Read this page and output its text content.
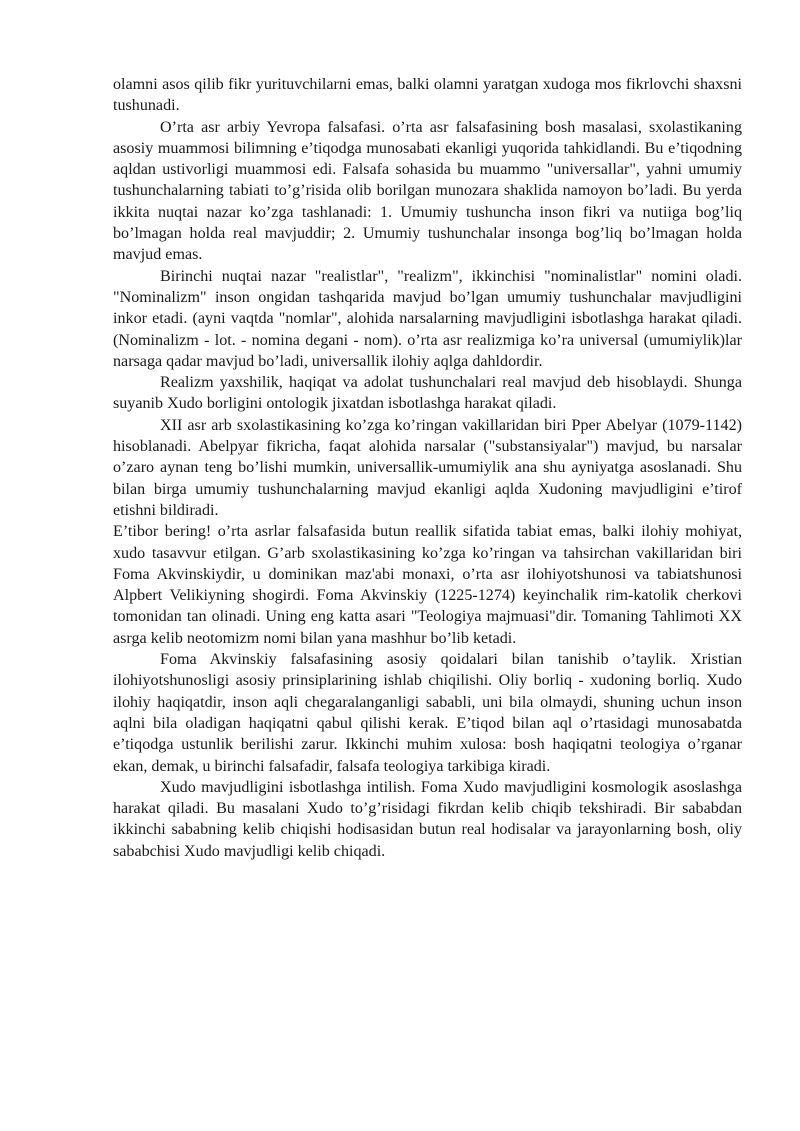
olamni asos qilib fikr yurituvchilarni emas, balki olamni yaratgan xudoga mos fikrlovchi shaxsni tushunadi.

O’rta asr arbiy Yevropa falsafasi. o’rta asr falsafasining bosh masalasi, sxolastikaning asosiy muammosi bilimning e’tiqodga munosabati ekanligi yuqorida tahkidlandi. Bu e’tiqodning aqldan ustivorligi muammosi edi. Falsafa sohasida bu muammo "universallar", yahni umumiy tushunchalarning tabiati to’g’risida olib borilgan munozara shaklida namoyon bo’ladi. Bu yerda ikkita nuqtai nazar ko’zga tashlanadi: 1. Umumiy tushuncha inson fikri va nutiiga bog’liq bo’lmagan holda real mavjuddir; 2. Umumiy tushunchalar insonga bog’liq bo’lmagan holda mavjud emas.

Birinchi nuqtai nazar "realistlar", "realizm", ikkinchisi "nominalistlar" nomini oladi. "Nominalizm" inson ongidan tashqarida mavjud bo’lgan umumiy tushunchalar mavjudligini inkor etadi. (ayni vaqtda "nomlar", alohida narsalarning mavjudligini isbotlashga harakat qiladi. (Nominalizm - lot. - nomina degani - nom). o’rta asr realizmiga ko’ra universal (umumiylik)lar narsaga qadar mavjud bo’ladi, universallik ilohiy aqlga dahldordir.

Realizm yaxshilik, haqiqat va adolat tushunchalari real mavjud deb hisoblaydi. Shunga suyanib Xudo borligini ontologik jixatdan isbotlashga harakat qiladi.

XII asr arb sxolastikasining ko’zga ko’ringan vakillaridan biri Pper Abelyar (1079-1142) hisoblanadi. Abelpyar fikricha, faqat alohida narsalar ("substansiyalar") mavjud, bu narsalar o’zaro aynan teng bo’lishi mumkin, universallik-umumiylik ana shu ayniyatga asoslanadi. Shu bilan birga umumiy tushunchalarning mavjud ekanligi aqlda Xudoning mavjudligini e’tirof etishni bildiradi.

E’tibor bering! o’rta asrlar falsafasida butun reallik sifatida tabiat emas, balki ilohiy mohiyat, xudo tasavvur etilgan. G’arb sxolastikasining ko’zga ko’ringan va tahsirchan vakillaridan biri Foma Akvinskiydir, u dominikan maz'abi monaxi, o’rta asr ilohiyotshunosi va tabiatshunosi Alpbert Velikiyning shogirdi. Foma Akvinskiy (1225-1274) keyinchalik rim-katolik cherkovi tomonidan tan olinadi. Uning eng katta asari "Teologiya majmuasi"dir. Tomaning Tahlimoti XX asrga kelib neotomizm nomi bilan yana mashhur bo’lib ketadi.

Foma Akvinskiy falsafasining asosiy qoidalari bilan tanishib o’taylik. Xristian ilohiyotshunosligi asosiy prinsiplarining ishlab chiqilishi. Oliy borliq - xudoning borliq. Xudo ilohiy haqiqatdir, inson aqli chegaralanganligi sababli, uni bila olmaydi, shuning uchun inson aqlni bila oladigan haqiqatni qabul qilishi kerak. E’tiqod bilan aql o’rtasidagi munosabatda e’tiqodga ustunlik berilishi zarur. Ikkinchi muhim xulosa: bosh haqiqatni teologiya o’rganar ekan, demak, u birinchi falsafadir, falsafa teologiya tarkibiga kiradi.

Xudo mavjudligini isbotlashga intilish. Foma Xudo mavjudligini kosmologik asoslashga harakat qiladi. Bu masalani Xudo to’g’risidagi fikrdan kelib chiqib tekshiradi. Bir sababdan ikkinchi sababning kelib chiqishi hodisasidan butun real hodisalar va jarayonlarning bosh, oliy sababchisi Xudo mavjudligi kelib chiqadi.
